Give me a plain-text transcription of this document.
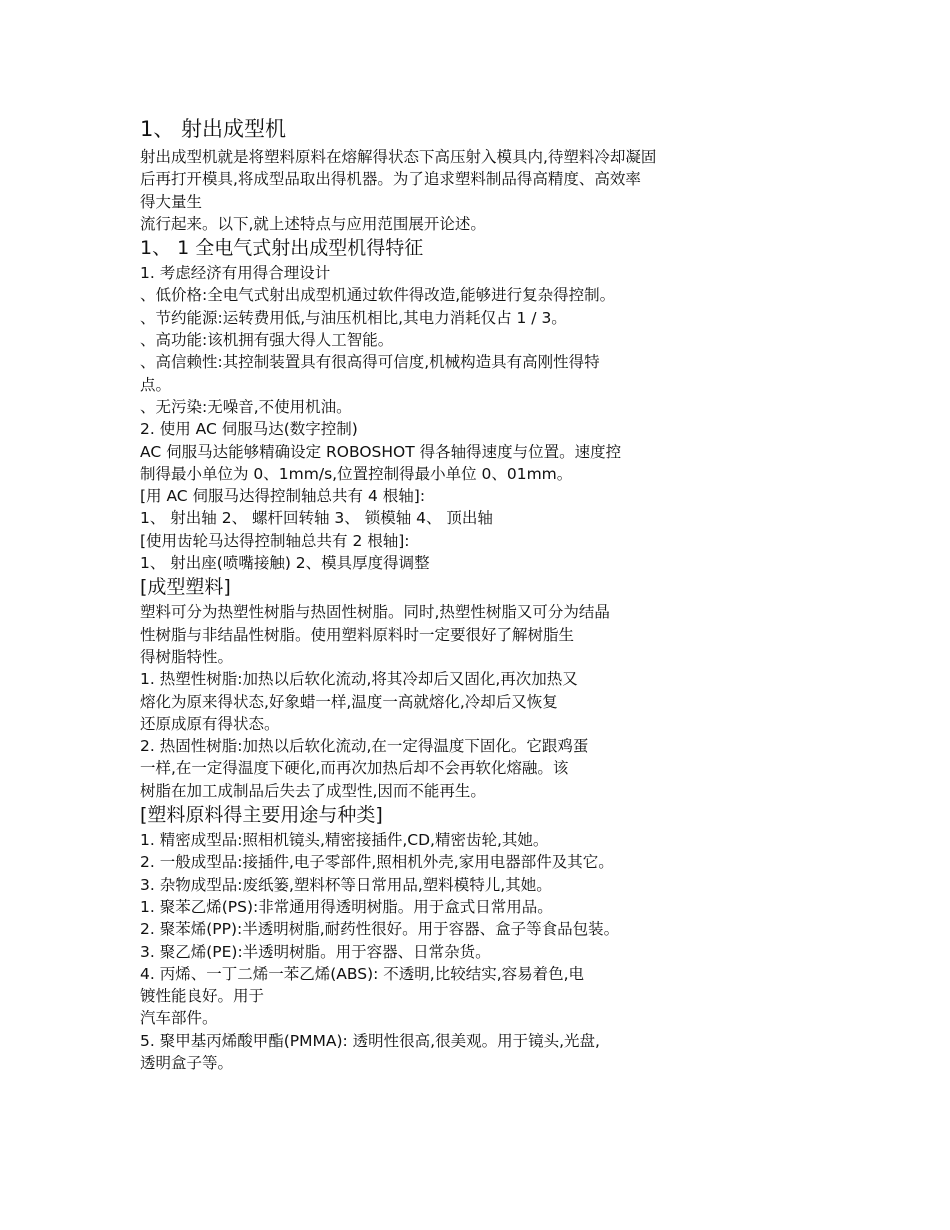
1、 射出成型机
射出成型机就是将塑料原料在熔解得状态下高压射入模具内,待塑料冷却凝固
后再打开模具,将成型品取出得机器。为了追求塑料制品得高精度、高效率
得大量生
流行起来。以下,就上述特点与应用范围展开论述。
1、 1 全电气式射出成型机得特征
1. 考虑经济有用得合理设计
、低价格:全电气式射出成型机通过软件得改造,能够进行复杂得控制。
、节约能源:运转费用低,与油压机相比,其电力消耗仅占 1 / 3。
、高功能:该机拥有强大得人工智能。
、高信赖性:其控制装置具有很高得可信度,机械构造具有高刚性得特
点。
、无污染:无噪音,不使用机油。
2. 使用 AC 伺服马达(数字控制)
AC 伺服马达能够精确设定 ROBOSHOT 得各轴得速度与位置。速度控
制得最小单位为 0、1mm/s,位置控制得最小单位 0、01mm。
[用 AC 伺服马达得控制轴总共有 4 根轴]:
1、 射出轴 2、 螺杆回转轴 3、 锁模轴 4、 顶出轴
[使用齿轮马达得控制轴总共有 2 根轴]:
1、 射出座(喷嘴接触) 2、模具厚度得调整
[成型塑料]
塑料可分为热塑性树脂与热固性树脂。同时,热塑性树脂又可分为结晶
性树脂与非结晶性树脂。使用塑料原料时一定要很好了解树脂生
得树脂特性。
1. 热塑性树脂:加热以后软化流动,将其冷却后又固化,再次加热又
熔化为原来得状态,好象蜡一样,温度一高就熔化,冷却后又恢复
还原成原有得状态。
2. 热固性树脂:加热以后软化流动,在一定得温度下固化。它跟鸡蛋
一样,在一定得温度下硬化,而再次加热后却不会再软化熔融。该
树脂在加工成制品后失去了成型性,因而不能再生。
[塑料原料得主要用途与种类]
1. 精密成型品:照相机镜头,精密接插件,CD,精密齿轮,其她。
2. 一般成型品:接插件,电子零部件,照相机外壳,家用电器部件及其它。
3. 杂物成型品:废纸篓,塑料杯等日常用品,塑料模特儿,其她。
1. 聚苯乙烯(PS):非常通用得透明树脂。用于盒式日常用品。
2. 聚苯烯(PP):半透明树脂,耐药性很好。用于容器、盒子等食品包装。
3. 聚乙烯(PE):半透明树脂。用于容器、日常杂货。
4. 丙烯、一丁二烯一苯乙烯(ABS): 不透明,比较结实,容易着色,电
镀性能良好。用于
汽车部件。
5. 聚甲基丙烯酸甲酯(PMMA): 透明性很高,很美观。用于镜头,光盘,
透明盒子等。
